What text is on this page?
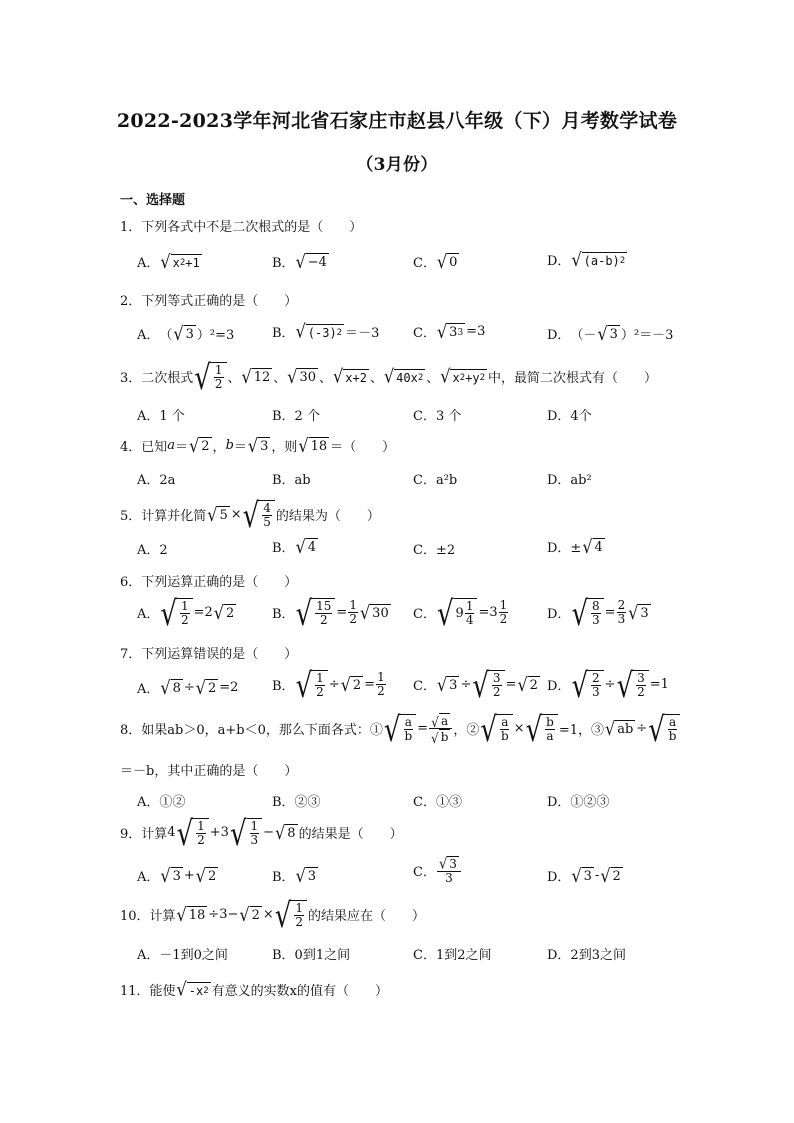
2022-2023学年河北省石家庄市赵县八年级（下）月考数学试卷
（3月份）
一、选择题
1．下列各式中不是二次根式的是（　　）
A． √ x 2 +1	B． √ −4	C． √ 0	D． √ (a-b) 2
2．下列等式正确的是（　　）
A． （ √ 3 ）²=3	B． √ (-3) 2 ＝－3	C． √ 3 3 =3	D． （－ √ 3 ）²＝－3
3．二次根式 √ $\frac{1}{2}$ 、 √ 12 、 √ 30 、 √ x+2 、 √ 40x 2 、 √ x 2 +y 2 中，最简二次根式有（　　）
A．1 个	B．2 个	C．3 个	D．4个
4．已知 a ＝ √ 2 ， b ＝ √ 3 ，则 √ 18 ＝（　　）
A．2a	B．ab	C．a²b	D．ab²
5．计算并化简 √ 5 × √ $\frac{4}{5}$ 的结果为（　　）
A．2	B． √ 4	C．±2	D．± √ 4
6．下列运算正确的是（　　）
A． √ $\frac{1}{2} =2$ √ 2	B． √ $\frac{15}{2} = \frac{1}{2}$ √ 30 C． √ $9 \frac{1}{4} =3 \frac{1}{2}$	D． √ $\frac{8}{3} = \frac{2}{3}$ √ 3
7．下列运算错误的是（　　）
A． √ 8 ÷ √ 2 =2	B． √ $\frac{1}{2}$ ÷ √ $2 = \frac{1}{2}$ C． √ 3 ÷ √ $\frac{3}{2}$ = √ 2 D． √ $\frac{2}{3}$ ÷ √ $\frac{3}{2} =1$
8．如果ab＞0，a+b＜0，那么下面各式：① √ $\frac{a}{b} = \frac{√ a}{√ b}$ ，② √ $\frac{a}{b}$ × √ $\frac{b}{a} =1$，③ √ ab ÷ √ $\frac{a}{b}$
＝－b，其中正确的是（　　）
A．①②	B．②③	C．①③	D．①②③
9．计算 4 √ $\frac{1}{2} +3$ √ $\frac{1}{3}$ − √ 8 的结果是（　　）
A． √ 3 + √ 2	B． √ 3	C． $\frac{√ 3}{3}$	D． √ 3 - √ 2
10．计算 √ 18 ÷3− √ 2 × √ $\frac{1}{2}$ 的结果应在（　　）
A．－1到0之间	B．0到1之间	C．1到2之间	D．2到3之间
11．能使 √ -x 2 有意义的实数x的值有（　　）
